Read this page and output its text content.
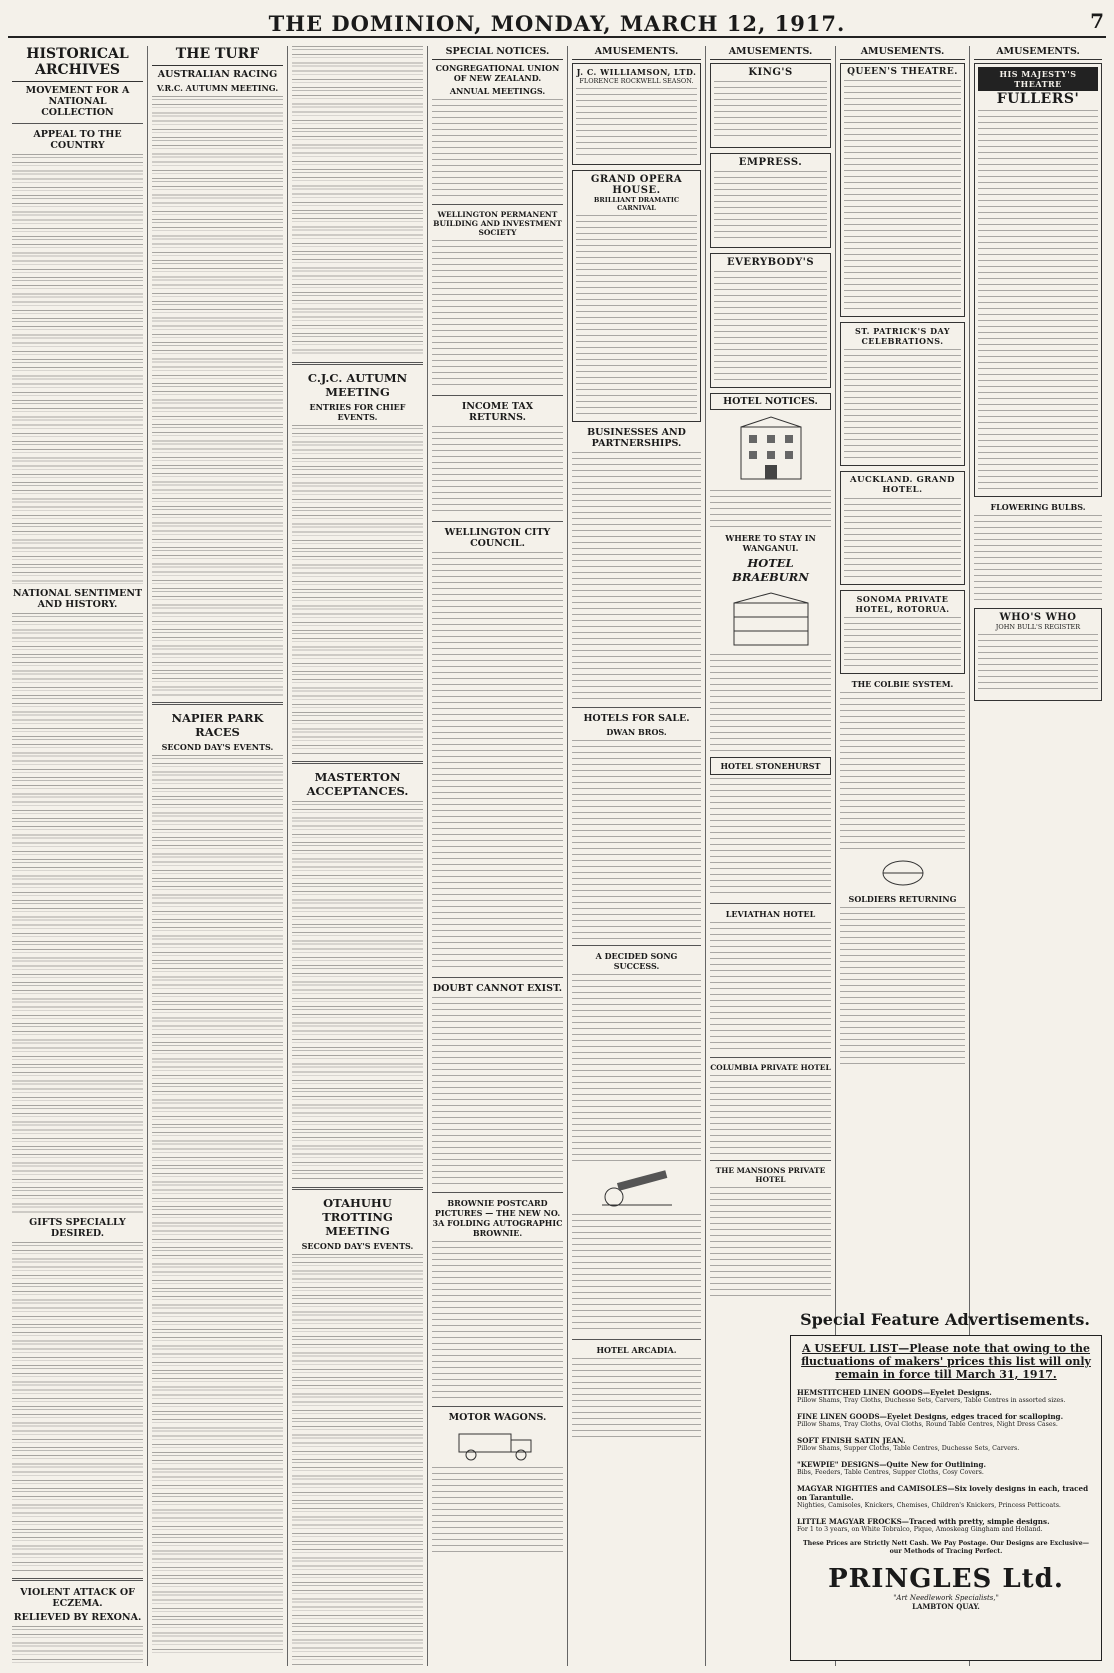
THE DOMINION, MONDAY, MARCH 12, 1917.	7
HISTORICAL ARCHIVES
MOVEMENT FOR A NATIONAL COLLECTION
APPEAL TO THE COUNTRY
NATIONAL SENTIMENT AND HISTORY.
GIFTS SPECIALLY DESIRED.
VIOLENT ATTACK OF ECZEMA.
RELIEVED BY REXONA.
THE TURF
AUSTRALIAN RACING
V.R.C. AUTUMN MEETING.
NAPIER PARK RACES
SECOND DAY'S EVENTS.
C.J.C. AUTUMN MEETING
ENTRIES FOR CHIEF EVENTS.
MASTERTON ACCEPTANCES.
OTAHUHU TROTTING MEETING
SECOND DAY'S EVENTS.
SPECIAL NOTICES.
CONGREGATIONAL UNION OF NEW ZEALAND.
ANNUAL MEETINGS.
WELLINGTON PERMANENT BUILDING AND INVESTMENT SOCIETY
INCOME TAX RETURNS.
WELLINGTON CITY COUNCIL.
DOUBT CANNOT EXIST.
BROWNIE POSTCARD PICTURES — THE NEW NO. 3A FOLDING AUTOGRAPHIC BROWNIE.
MOTOR WAGONS.
AMUSEMENTS.
J. C. WILLIAMSON, LTD.
FLORENCE ROCKWELL SEASON.
GRAND OPERA HOUSE.
BRILLIANT DRAMATIC CARNIVAL
BUSINESSES AND PARTNERSHIPS.
HOTELS FOR SALE.
DWAN BROS.
A DECIDED SONG SUCCESS.
HOTEL ARCADIA.
AMUSEMENTS.
KING'S
EMPRESS.
EVERYBODY'S
HOTEL NOTICES.
WHERE TO STAY IN WANGANUI.
HOTEL BRAEBURN
HOTEL STONEHURST
LEVIATHAN HOTEL
COLUMBIA PRIVATE HOTEL
THE MANSIONS PRIVATE HOTEL
AMUSEMENTS.
QUEEN'S THEATRE.
ST. PATRICK'S DAY CELEBRATIONS.
AUCKLAND. GRAND HOTEL.
SONOMA PRIVATE HOTEL, ROTORUA.
THE COLBIE SYSTEM.
SOLDIERS RETURNING
AMUSEMENTS.
HIS MAJESTY'S THEATRE
FULLERS'
FLOWERING BULBS.
WHO'S WHO
JOHN BULL'S REGISTER
Special Feature Advertisements.
A USEFUL LIST—Please note that owing to the fluctuations of makers' prices this list will only remain in force till March 31, 1917.
HEMSTITCHED LINEN GOODS—Eyelet Designs.
Pillow Shams, Tray Cloths, Duchesse Sets, Carvers, Table Centres in assorted sizes.
FINE LINEN GOODS—Eyelet Designs, edges traced for scalloping.
Pillow Shams, Tray Cloths, Oval Cloths, Round Table Centres, Night Dress Cases.
SOFT FINISH SATIN JEAN.
Pillow Shams, Supper Cloths, Table Centres, Duchesse Sets, Carvers.
"KEWPIE" DESIGNS—Quite New for Outlining.
Bibs, Feeders, Table Centres, Supper Cloths, Cosy Covers.
MAGYAR NIGHTIES and CAMISOLES—Six lovely designs in each, traced on Tarantulle.
Nighties, Camisoles, Knickers, Chemises, Children's Knickers, Princess Petticoats.
LITTLE MAGYAR FROCKS—Traced with pretty, simple designs.
For 1 to 3 years, on White Tobralco, Pique, Amoskeag Gingham and Holland.
These Prices are Strictly Nett Cash. We Pay Postage. Our Designs are Exclusive—our Methods of Tracing Perfect.
PRINGLES Ltd.
"Art Needlework Specialists,"
LAMBTON QUAY.
